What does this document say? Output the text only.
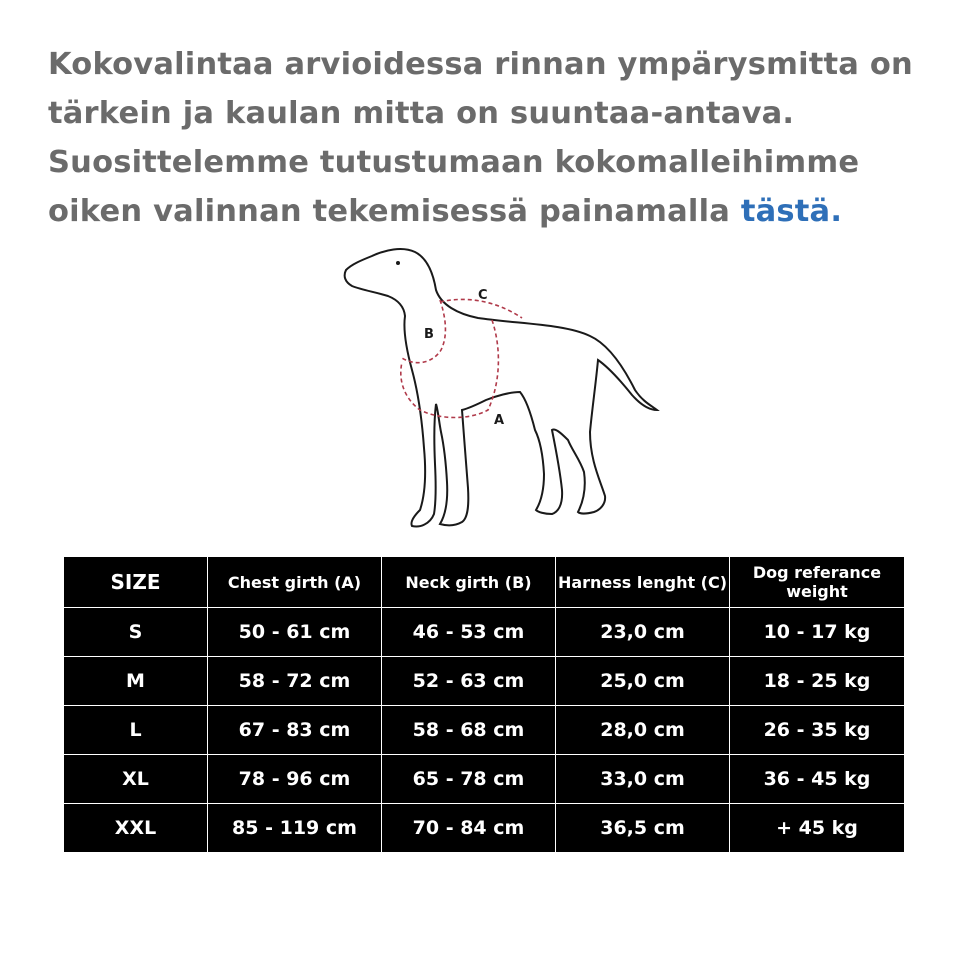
Kokovalintaa arvioidessa rinnan ympärysmitta on tärkein ja kaulan mitta on suuntaa-antava. Suosittelemme tutustumaan kokomalleihimme oiken valinnan tekemisessä painamalla tästä.
A
B
C
SIZE	Chest girth (A)	Neck girth (B)	Harness lenght (C)	Dog referance weight
S	50 - 61 cm	46 - 53 cm	23,0 cm	10 - 17 kg
M	58 - 72 cm	52 - 63 cm	25,0 cm	18 - 25 kg
L	67 - 83 cm	58 - 68 cm	28,0 cm	26 - 35 kg
XL	78 - 96 cm	65 - 78 cm	33,0 cm	36 - 45 kg
XXL	85 - 119 cm	70 - 84 cm	36,5 cm	+ 45 kg
